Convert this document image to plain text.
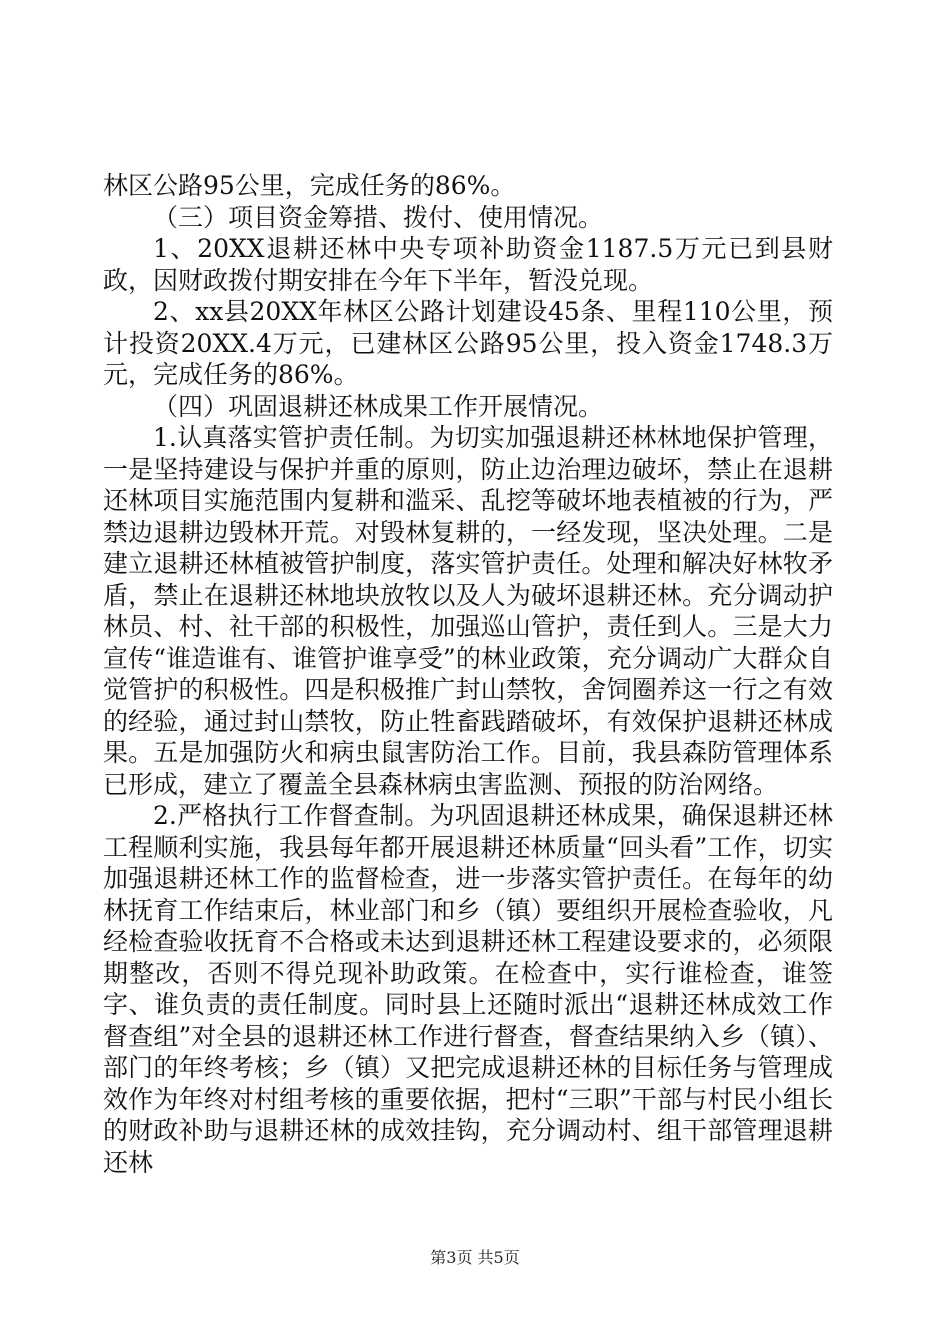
林区公路95公里，完成任务的86%。

（三）项目资金筹措、拨付、使用情况。

1、20XX退耕还林中央专项补助资金1187.5万元已到县财政，因财政拨付期安排在今年下半年，暂没兑现。

2、xx县20XX年林区公路计划建设45条、里程110公里，预计投资20XX.4万元，已建林区公路95公里，投入资金1748.3万元，完成任务的86%。

（四）巩固退耕还林成果工作开展情况。

1.认真落实管护责任制。为切实加强退耕还林林地保护管理，一是坚持建设与保护并重的原则，防止边治理边破坏，禁止在退耕还林项目实施范围内复耕和滥采、乱挖等破坏地表植被的行为，严禁边退耕边毁林开荒。对毁林复耕的，一经发现，坚决处理。二是建立退耕还林植被管护制度，落实管护责任。处理和解决好林牧矛盾，禁止在退耕还林地块放牧以及人为破坏退耕还林。充分调动护林员、村、社干部的积极性，加强巡山管护，责任到人。三是大力宣传“谁造谁有、谁管护谁享受”的林业政策，充分调动广大群众自觉管护的积极性。四是积极推广封山禁牧，舍饲圈养这一行之有效的经验，通过封山禁牧，防止牲畜践踏破坏，有效保护退耕还林成果。五是加强防火和病虫鼠害防治工作。目前，我县森防管理体系已形成，建立了覆盖全县森林病虫害监测、预报的防治网络。

2.严格执行工作督查制。为巩固退耕还林成果，确保退耕还林工程顺利实施，我县每年都开展退耕还林质量“回头看”工作，切实加强退耕还林工作的监督检查，进一步落实管护责任。在每年的幼林抚育工作结束后，林业部门和乡（镇）要组织开展检查验收，凡经检查验收抚育不合格或未达到退耕还林工程建设要求的，必须限期整改，否则不得兑现补助政策。在检查中，实行谁检查，谁签字、谁负责的责任制度。同时县上还随时派出“退耕还林成效工作督查组”对全县的退耕还林工作进行督查，督查结果纳入乡（镇）、部门的年终考核；乡（镇）又把完成退耕还林的目标任务与管理成效作为年终对村组考核的重要依据，把村“三职”干部与村民小组长的财政补助与退耕还林的成效挂钩，充分调动村、组干部管理退耕还林

第3页 共5页
